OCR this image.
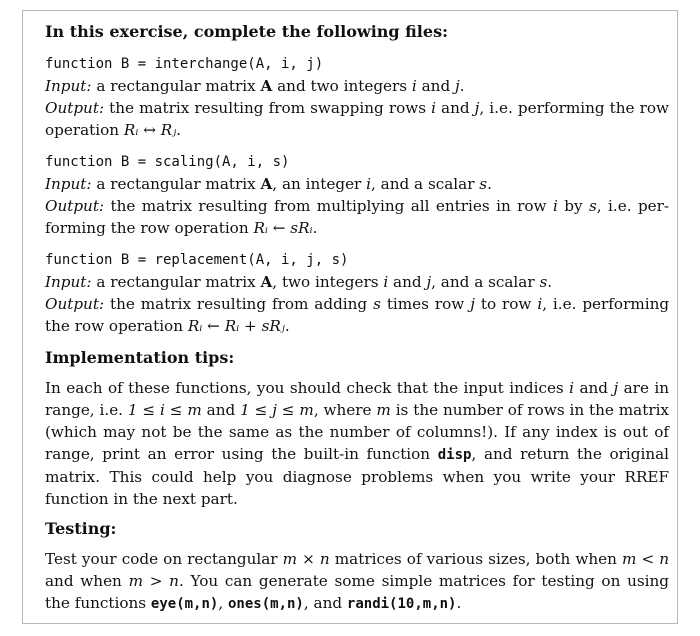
In this exercise, complete the following files:
function B = interchange(A, i, j)
Input: a rectangular matrix A and two integers i and j.
Output: the matrix resulting from swapping rows i and j, i.e. performing the row operation Rᵢ ↔ Rⱼ.
function B = scaling(A, i, s)
Input: a rectangular matrix A, an integer i, and a scalar s.
Output: the matrix resulting from multiplying all entries in row i by s, i.e. per-forming the row operation Rᵢ ← sRᵢ.
function B = replacement(A, i, j, s)
Input: a rectangular matrix A, two integers i and j, and a scalar s.
Output: the matrix resulting from adding s times row j to row i, i.e. performing the row operation Rᵢ ← Rᵢ + sRⱼ.
Implementation tips:
In each of these functions, you should check that the input indices i and j are in range, i.e. 1 ≤ i ≤ m and 1 ≤ j ≤ m, where m is the number of rows in the matrix (which may not be the same as the number of columns!). If any index is out of range, print an error using the built-in function disp, and return the original matrix. This could help you diagnose problems when you write your RREF function in the next part.
Testing:
Test your code on rectangular m × n matrices of various sizes, both when m < n and when m > n. You can generate some simple matrices for testing on using the functions eye(m,n), ones(m,n), and randi(10,m,n).
